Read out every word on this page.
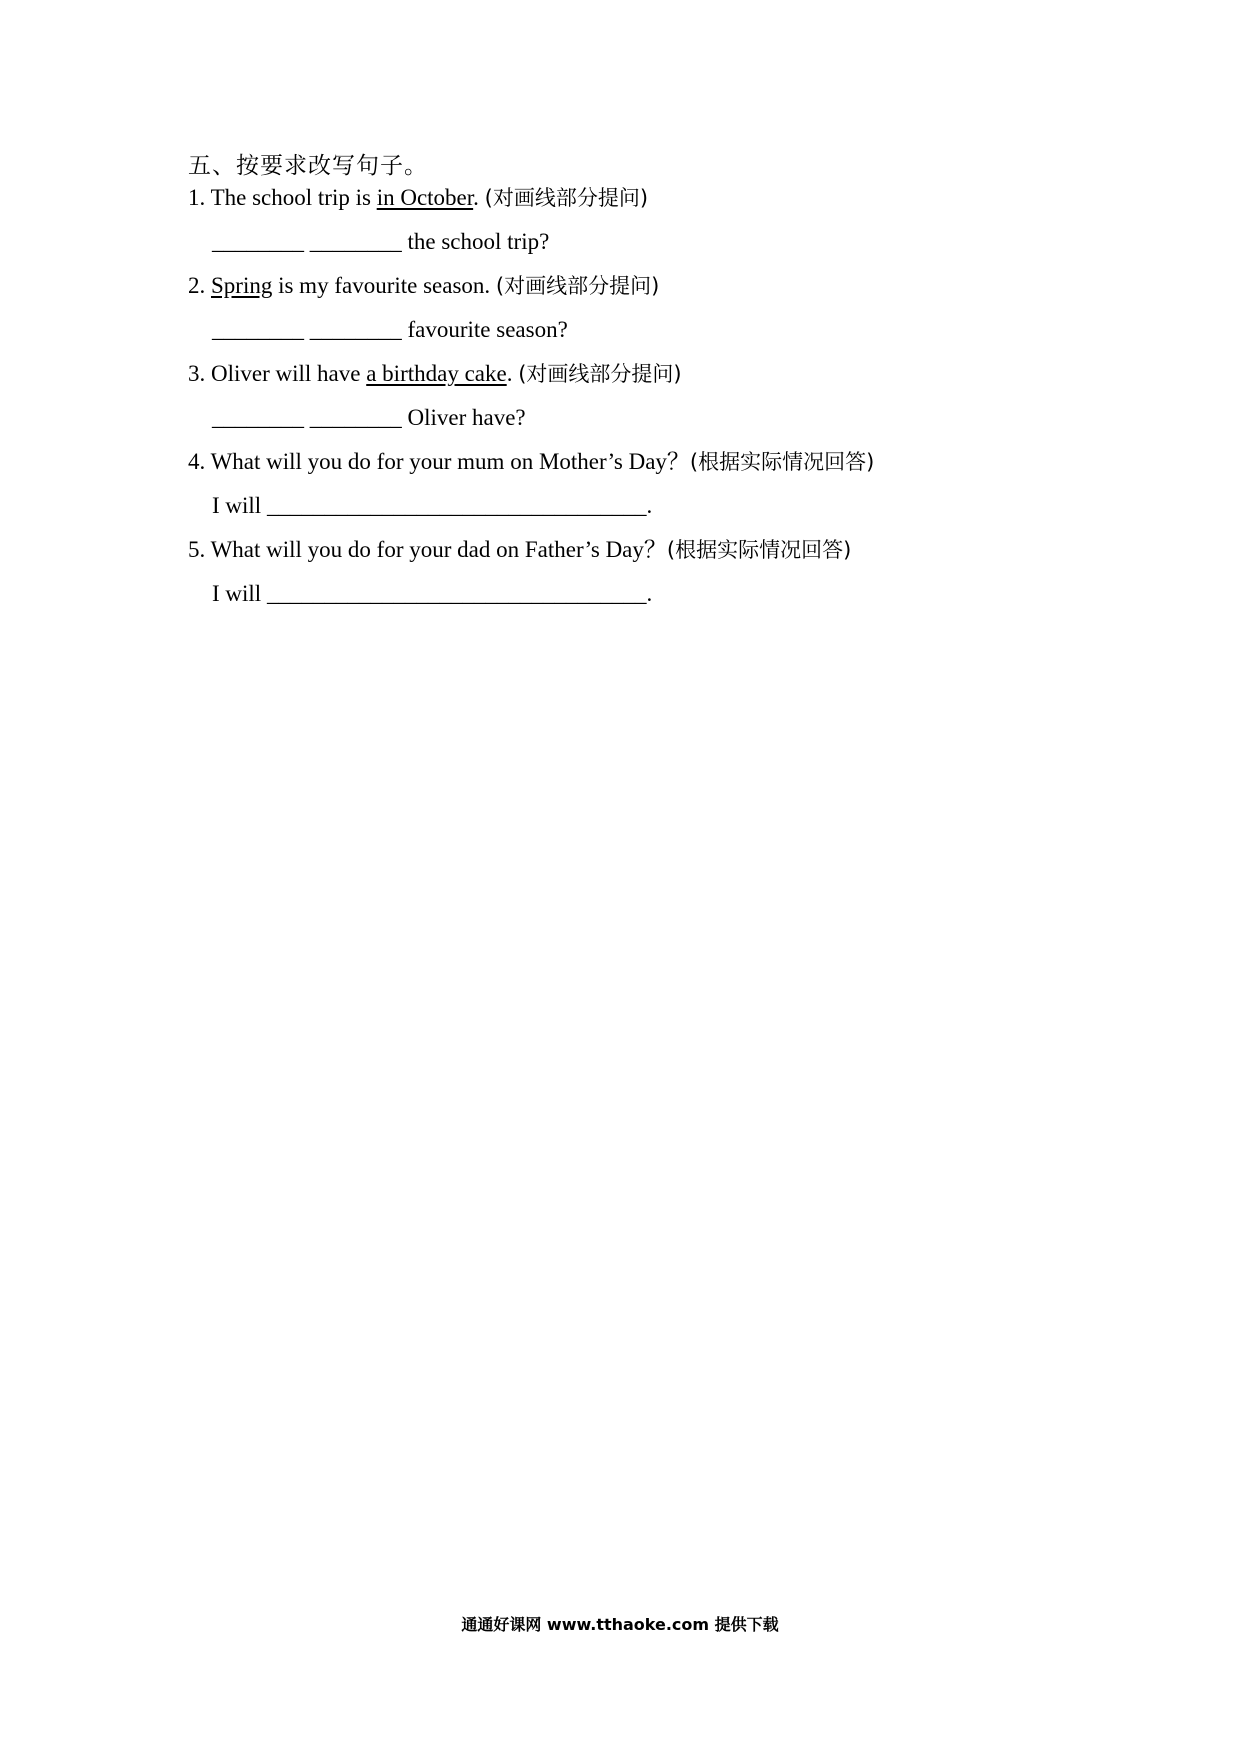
五、按要求改写句子。
1. The school trip is in October. (对画线部分提问)
________ ________ the school trip?
2. Spring is my favourite season. (对画线部分提问)
________ ________ favourite season?
3. Oliver will have a birthday cake. (对画线部分提问)
________ ________ Oliver have?
4. What will you do for your mum on Mother’s Day？(根据实际情况回答)
I will _________________________________.
5. What will you do for your dad on Father’s Day？(根据实际情况回答)
I will _________________________________.
通通好课网 www.tthaoke.com 提供下载
